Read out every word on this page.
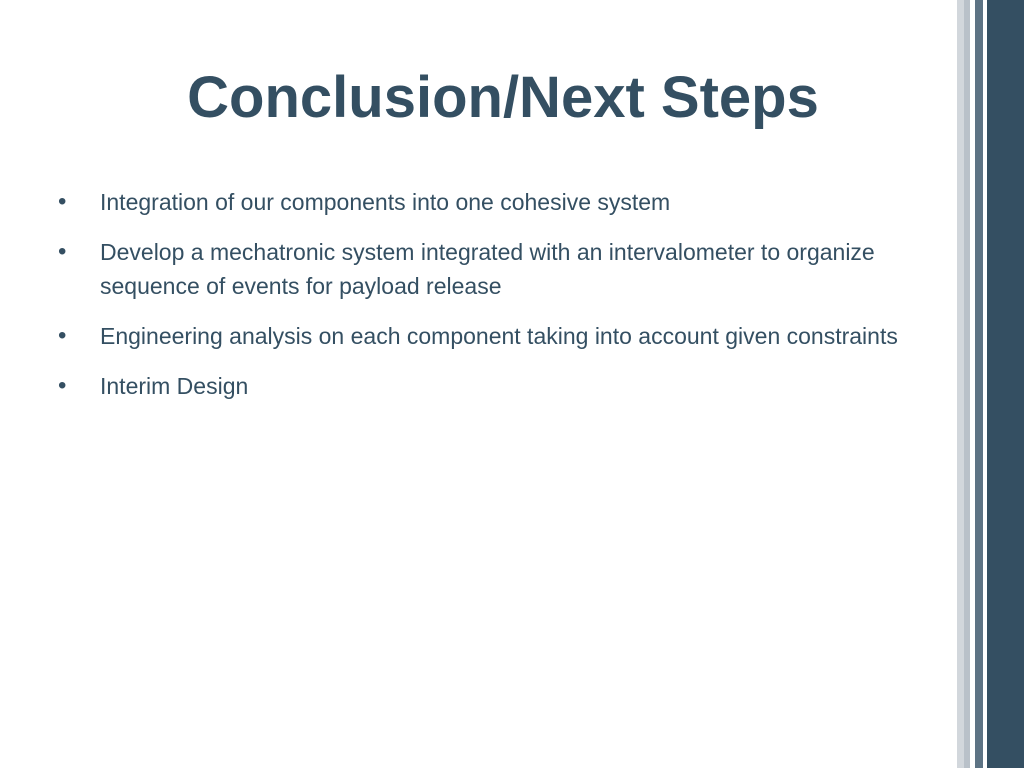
Conclusion/Next Steps
•	Integration of our components into one cohesive system
•	Develop a mechatronic system integrated with an intervalometer to organize sequence of events for payload release
•	Engineering analysis on each component taking into account given constraints
•	Interim Design
